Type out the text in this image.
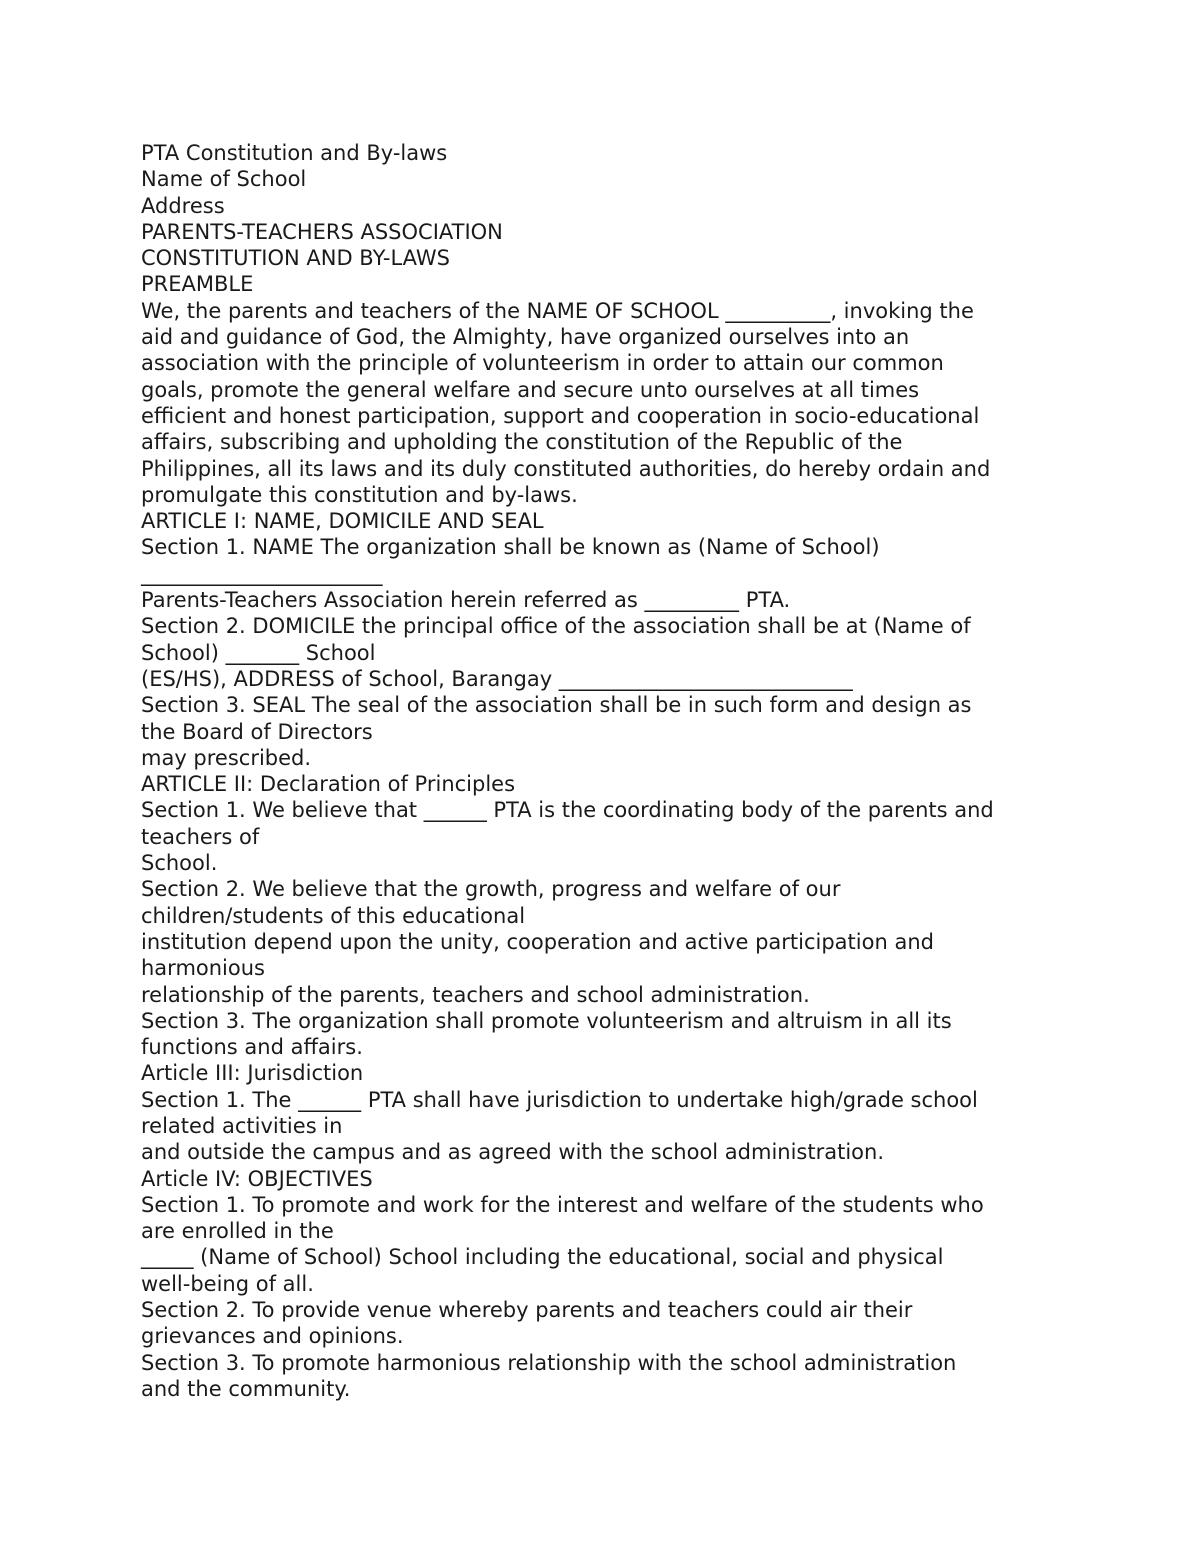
PTA Constitution and By-laws
Name of School
Address
PARENTS-TEACHERS ASSOCIATION
CONSTITUTION AND BY-LAWS
PREAMBLE
We, the parents and teachers of the NAME OF SCHOOL __________, invoking the
aid and guidance of God, the Almighty, have organized ourselves into an
association with the principle of volunteerism in order to attain our common
goals, promote the general welfare and secure unto ourselves at all times
efficient and honest participation, support and cooperation in socio-educational
affairs, subscribing and upholding the constitution of the Republic of the
Philippines, all its laws and its duly constituted authorities, do hereby ordain and
promulgate this constitution and by-laws.
ARTICLE I: NAME, DOMICILE AND SEAL
Section 1. NAME The organization shall be known as (Name of School)
_______________________
Parents-Teachers Association herein referred as _________ PTA.
Section 2. DOMICILE the principal office of the association shall be at (Name of
School) _______ School
(ES/HS), ADDRESS of School, Barangay ____________________________
Section 3. SEAL The seal of the association shall be in such form and design as
the Board of Directors
may prescribed.
ARTICLE II: Declaration of Principles
Section 1. We believe that ______ PTA is the coordinating body of the parents and
teachers of
School.
Section 2. We believe that the growth, progress and welfare of our
children/students of this educational
institution depend upon the unity, cooperation and active participation and
harmonious
relationship of the parents, teachers and school administration.
Section 3. The organization shall promote volunteerism and altruism in all its
functions and affairs.
Article III: Jurisdiction
Section 1. The ______ PTA shall have jurisdiction to undertake high/grade school
related activities in
and outside the campus and as agreed with the school administration.
Article IV: OBJECTIVES
Section 1. To promote and work for the interest and welfare of the students who
are enrolled in the
_____ (Name of School) School including the educational, social and physical
well-being of all.
Section 2. To provide venue whereby parents and teachers could air their
grievances and opinions.
Section 3. To promote harmonious relationship with the school administration
and the community.
